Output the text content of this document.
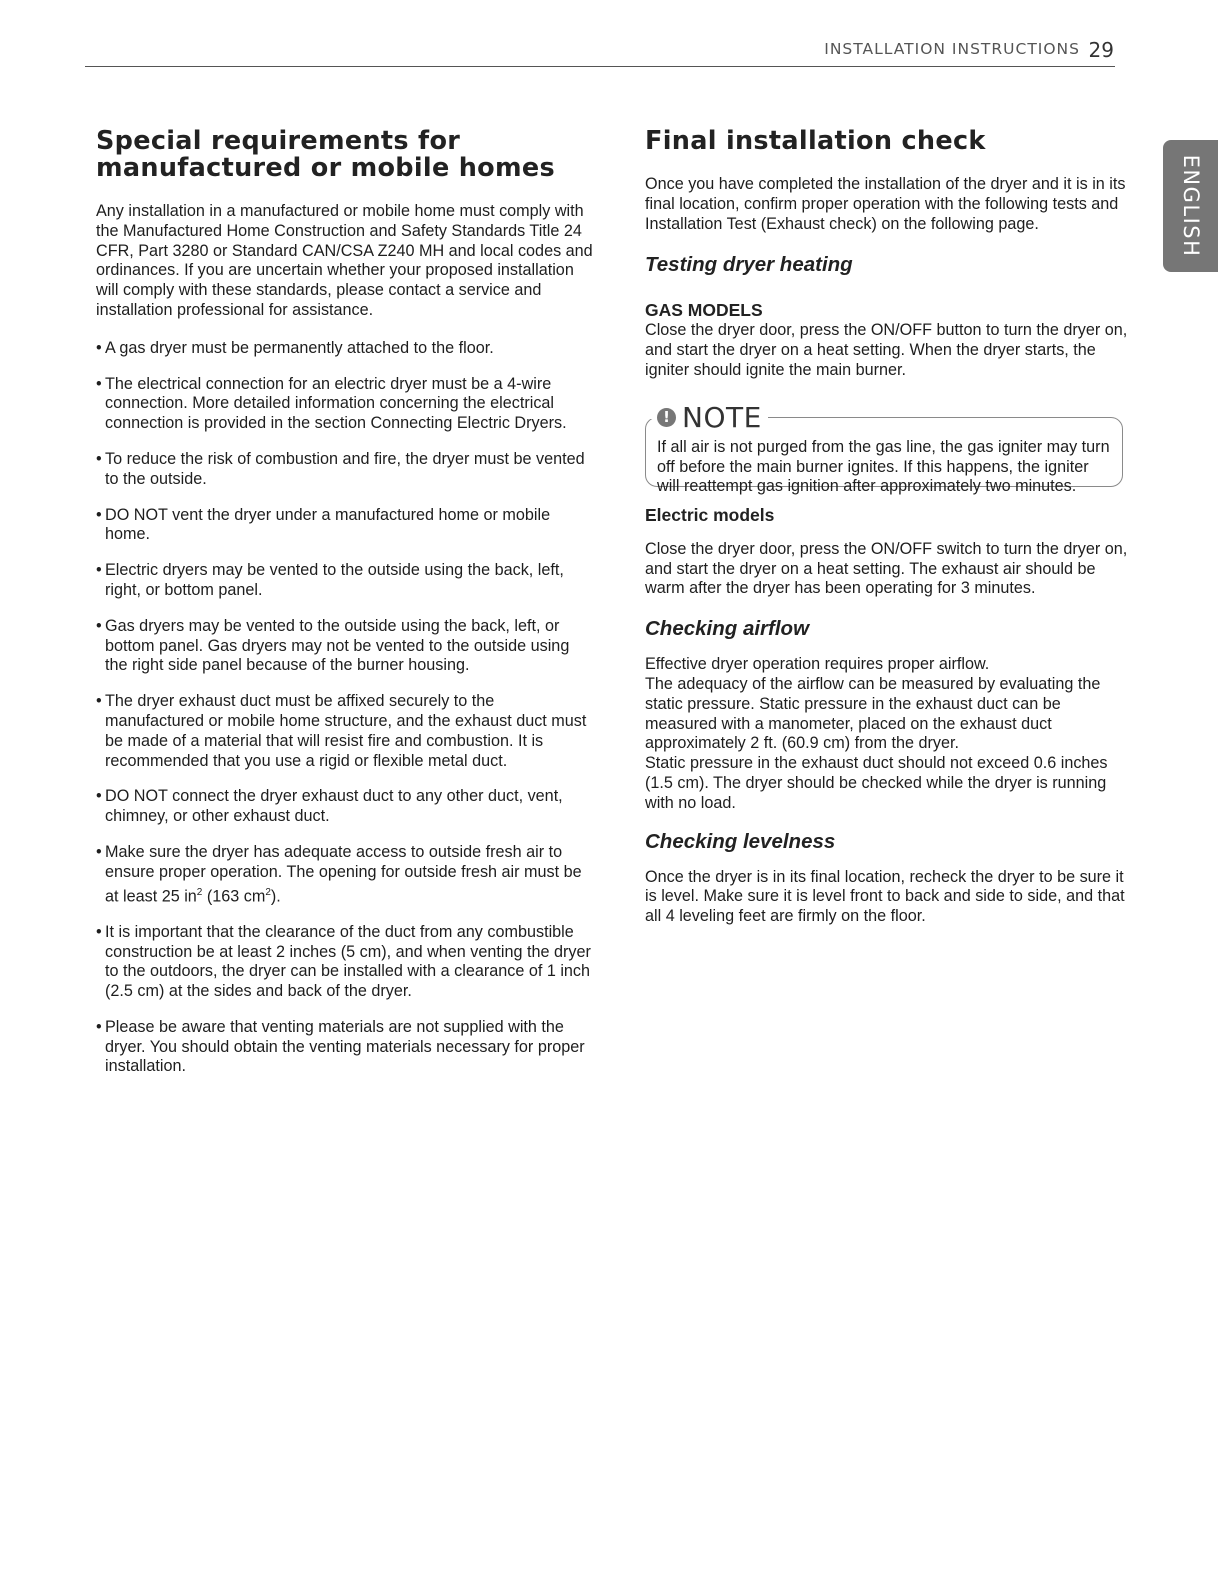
INSTALLATION INSTRUCTIONS 29
ENGLISH
Special requirements for
manufactured or mobile homes

Any installation in a manufactured or mobile home must comply with the Manufactured Home Construction and Safety Standards Title 24 CFR, Part 3280 or Standard CAN/CSA Z240 MH and local codes and ordinances. If you are uncertain whether your proposed installation will comply with these standards, please contact a service and installation professional for assistance.

• A gas dryer must be permanently attached to the floor.
• The electrical connection for an electric dryer must be a 4-wire connection. More detailed information concerning the electrical connection is provided in the section Connecting Electric Dryers.
• To reduce the risk of combustion and fire, the dryer must be vented to the outside.
• DO NOT vent the dryer under a manufactured home or mobile home.
• Electric dryers may be vented to the outside using the back, left, right, or bottom panel.
• Gas dryers may be vented to the outside using the back, left, or bottom panel. Gas dryers may not be vented to the outside using the right side panel because of the burner housing.
• The dryer exhaust duct must be affixed securely to the manufactured or mobile home structure, and the exhaust duct must be made of a material that will resist fire and combustion. It is recommended that you use a rigid or flexible metal duct.
• DO NOT connect the dryer exhaust duct to any other duct, vent, chimney, or other exhaust duct.
• Make sure the dryer has adequate access to outside fresh air to ensure proper operation. The opening for outside fresh air must be at least 25 $in^2$ (163 $cm^2$).
• It is important that the clearance of the duct from any combustible construction be at least 2 inches (5 cm), and when venting the dryer to the outdoors, the dryer can be installed with a clearance of 1 inch (2.5 cm) at the sides and back of the dryer.
• Please be aware that venting materials are not supplied with the dryer. You should obtain the venting materials necessary for proper installation.
Final installation check

Once you have completed the installation of the dryer and it is in its final location, confirm proper operation with the following tests and Installation Test (Exhaust check) on the following page.

Testing dryer heating
GAS MODELS

Close the dryer door, press the ON/OFF button to turn the dryer on, and start the dryer on a heat setting. When the dryer starts, the igniter should ignite the main burner.

! NOTE

If all air is not purged from the gas line, the gas igniter may turn off before the main burner ignites. If this happens, the igniter will reattempt gas ignition after approximately two minutes.

Electric models

Close the dryer door, press the ON/OFF switch to turn the dryer on, and start the dryer on a heat setting. The exhaust air should be warm after the dryer has been operating for 3 minutes.

Checking airflow

Effective dryer operation requires proper airflow.

The adequacy of the airflow can be measured by evaluating the static pressure. Static pressure in the exhaust duct can be measured with a manometer, placed on the exhaust duct approximately 2 ft. (60.9 cm) from the dryer.

Static pressure in the exhaust duct should not exceed 0.6 inches (1.5 cm). The dryer should be checked while the dryer is running with no load.

Checking levelness

Once the dryer is in its final location, recheck the dryer to be sure it is level. Make sure it is level front to back and side to side, and that all 4 leveling feet are firmly on the floor.
